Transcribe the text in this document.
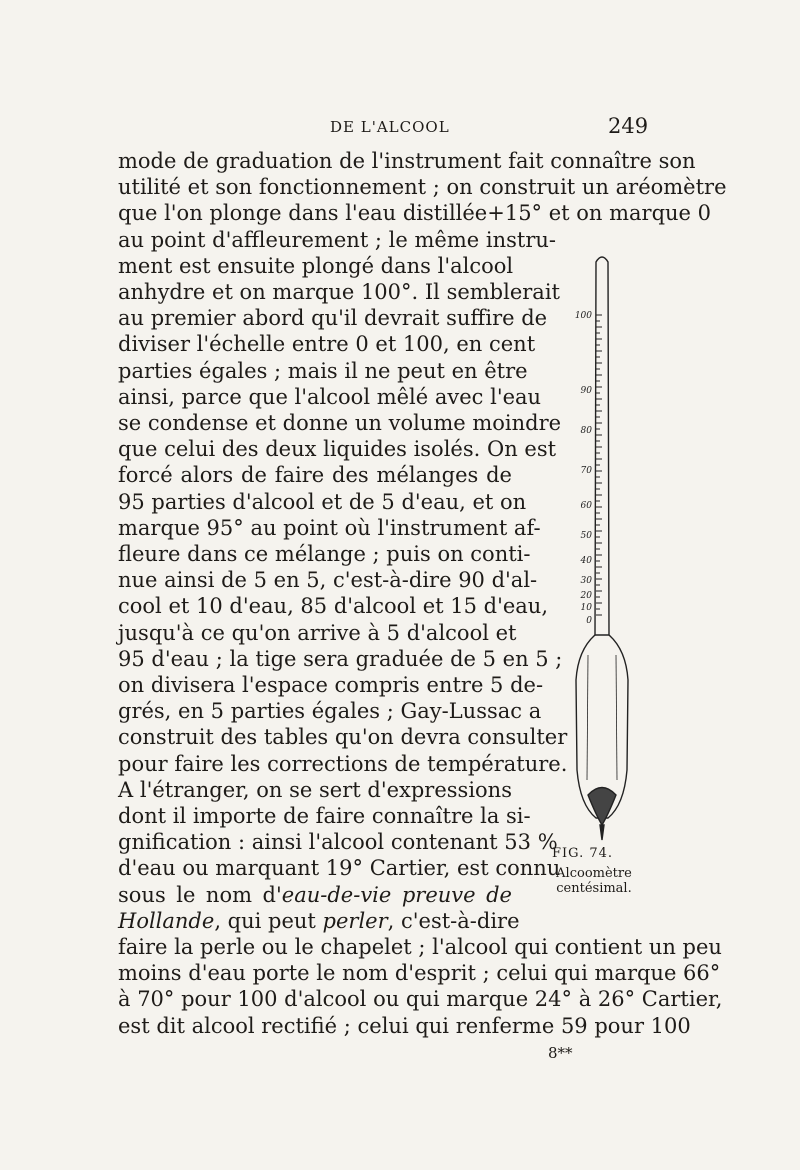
DE L'ALCOOL	249
mode de graduation de l'instrument fait connaître son
utilité et son fonctionnement ; on construit un aréomètre
que l'on plonge dans l'eau distillée+15° et on marque 0
au point d'affleurement ; le même instru-
ment est ensuite plongé dans l'alcool
anhydre et on marque 100°. Il semblerait
au premier abord qu'il devrait suffire de
diviser l'échelle entre 0 et 100, en cent
parties égales ; mais il ne peut en être
ainsi, parce que l'alcool mêlé avec l'eau
se condense et donne un volume moindre
que celui des deux liquides isolés. On est
forcé alors de faire des mélanges de
95 parties d'alcool et de 5 d'eau, et on
marque 95° au point où l'instrument af-
fleure dans ce mélange ; puis on conti-
nue ainsi de 5 en 5, c'est-à-dire 90 d'al-
cool et 10 d'eau, 85 d'alcool et 15 d'eau,
jusqu'à ce qu'on arrive à 5 d'alcool et
95 d'eau ; la tige sera graduée de 5 en 5 ;
on divisera l'espace compris entre 5 de-
grés, en 5 parties égales ; Gay-Lussac a
construit des tables qu'on devra consulter
pour faire les corrections de température.
A l'étranger, on se sert d'expressions
dont il importe de faire connaître la si-
gnification : ainsi l'alcool contenant 53 %
d'eau ou marquant 19° Cartier, est connu
sous le nom d'eau-de-vie preuve de
Hollande, qui peut perler, c'est-à-dire
faire la perle ou le chapelet ; l'alcool qui contient un peu
moins d'eau porte le nom d'esprit ; celui qui marque 66°
à 70° pour 100 d'alcool ou qui marque 24° à 26° Cartier,
est dit alcool rectifié ; celui qui renferme 59 pour 100
100
90
80
70
60
50
40
30
20
10
0
FIG. 74.
Alcoomètre
centésimal.
8**
